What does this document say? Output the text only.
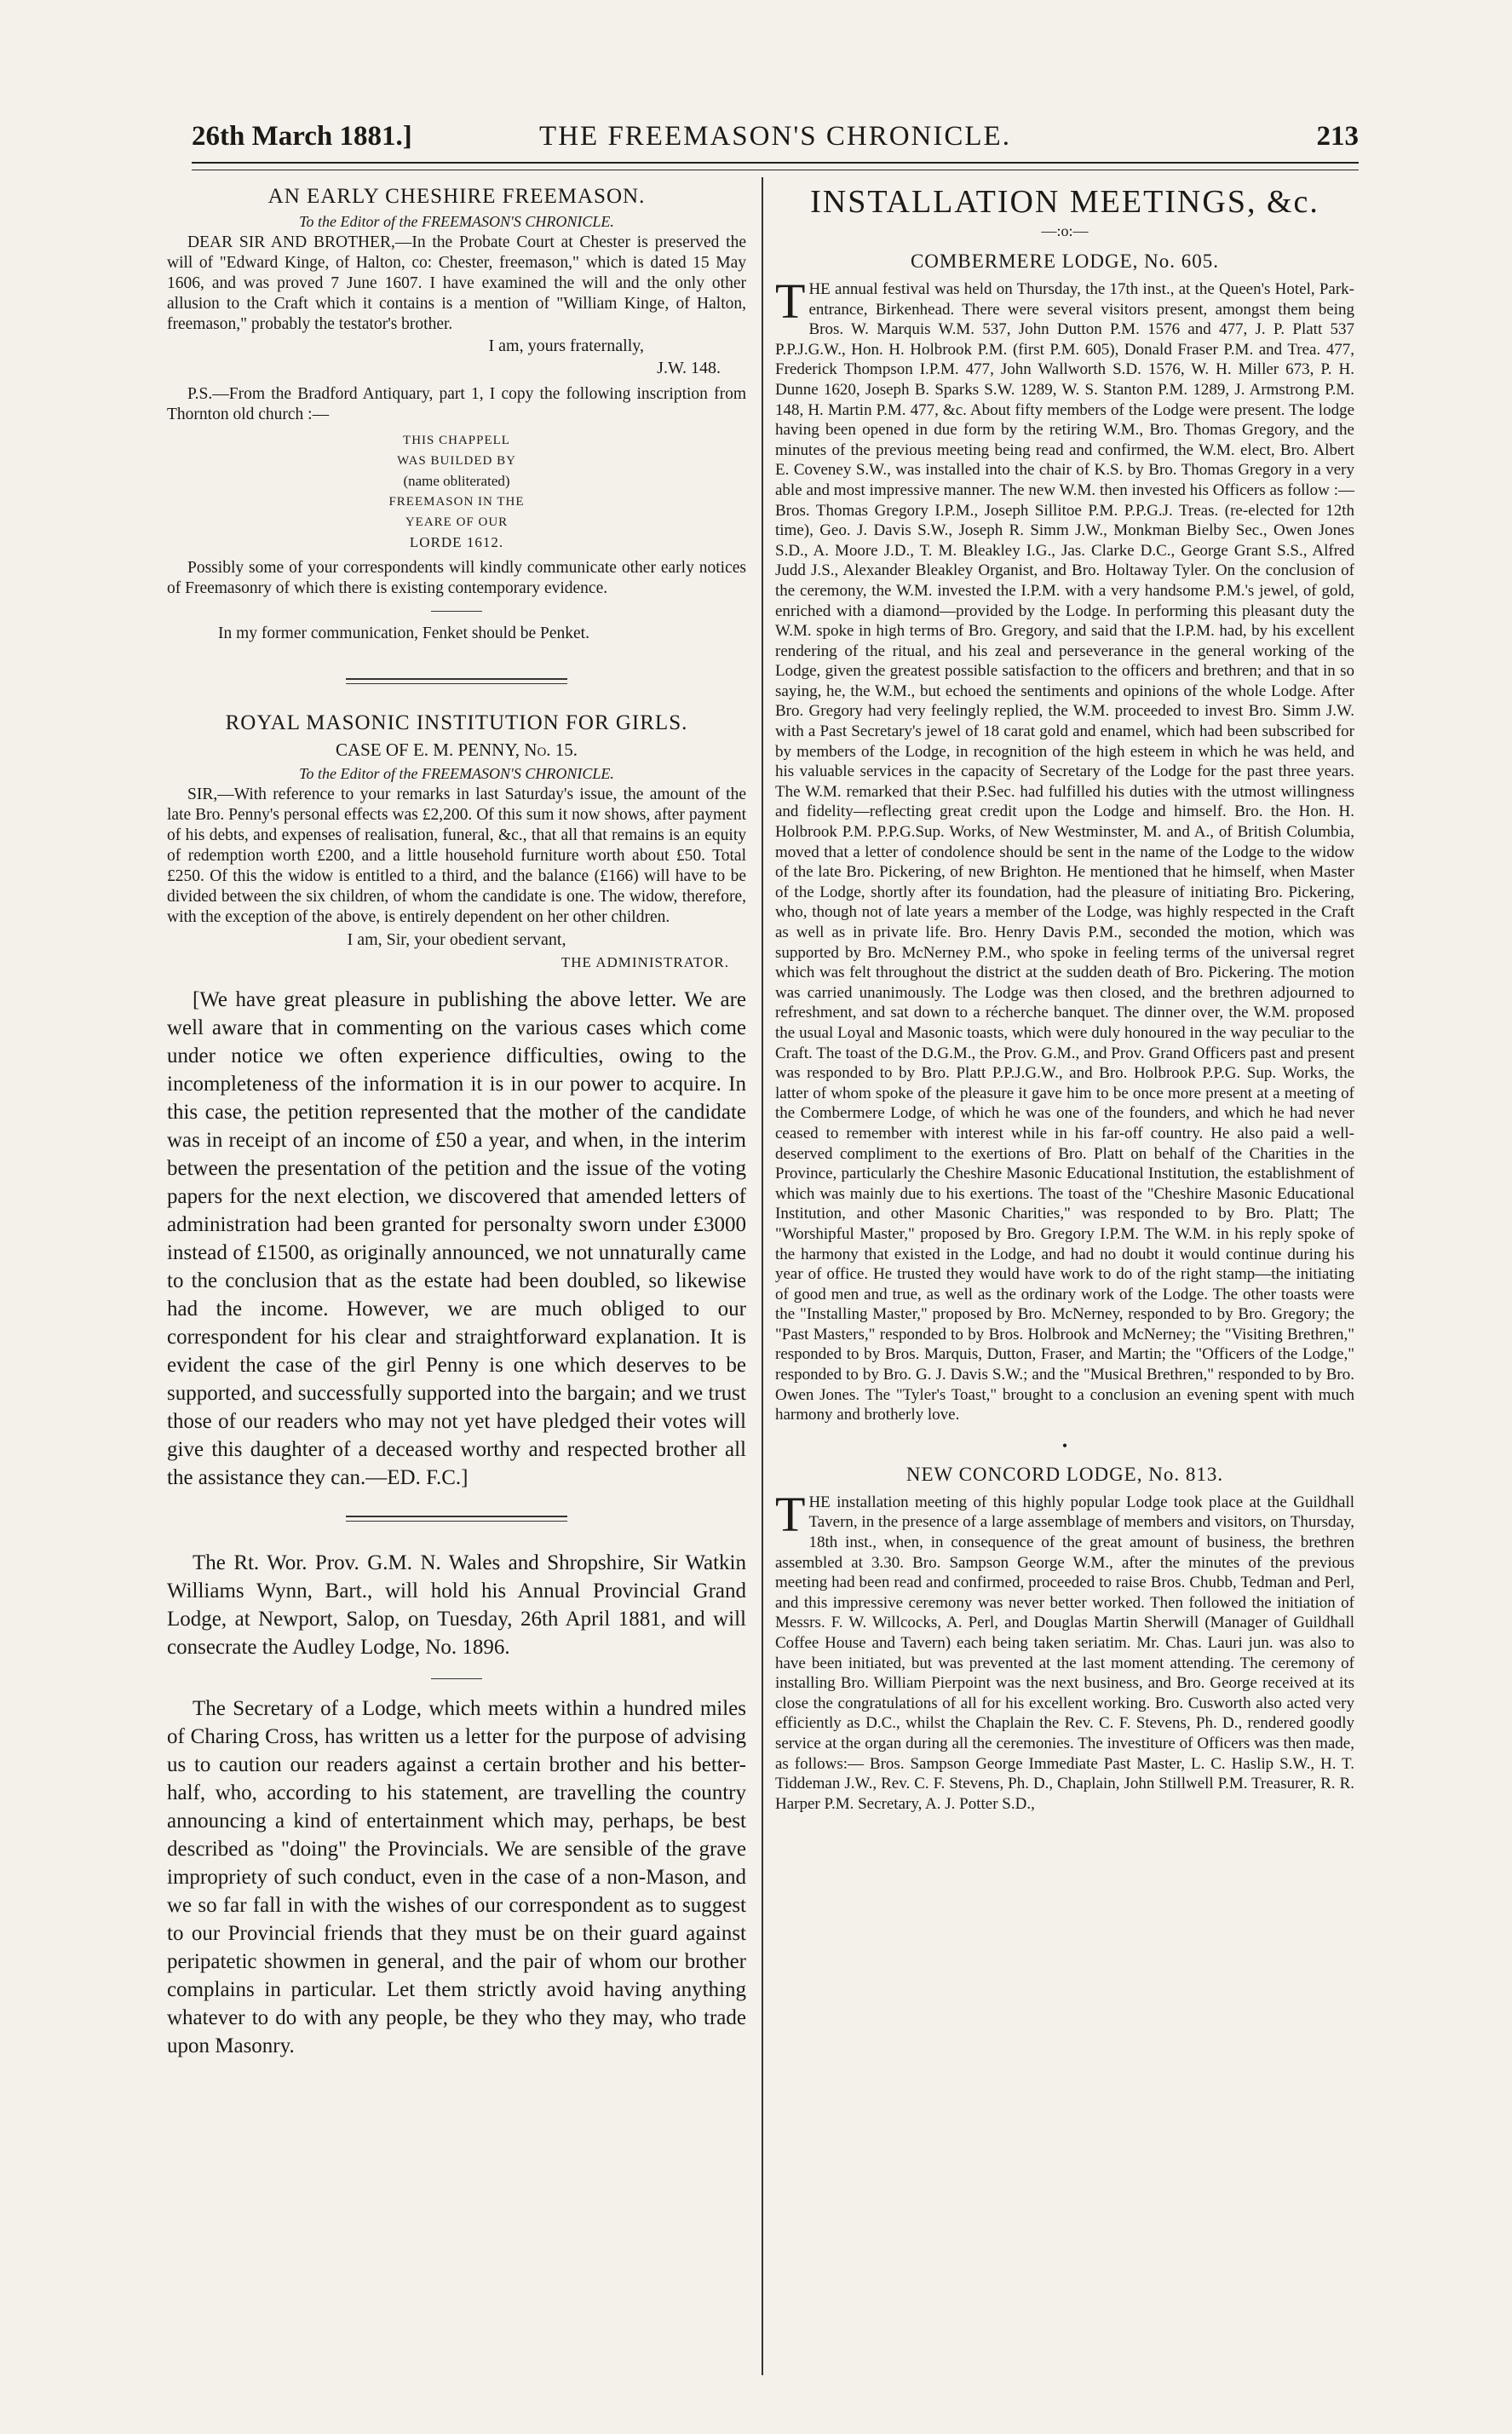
26th March 1881.]	THE FREEMASON'S CHRONICLE.	213
AN EARLY CHESHIRE FREEMASON.
To the Editor of the FREEMASON'S CHRONICLE.

DEAR SIR AND BROTHER,—In the Probate Court at Chester is preserved the will of "Edward Kinge, of Halton, co: Chester, freemason," which is dated 15 May 1606, and was proved 7 June 1607. I have examined the will and the only other allusion to the Craft which it contains is a mention of "William Kinge, of Halton, freemason," probably the testator's brother.

I am, yours fraternally,
J.W. 148.

P.S.—From the Bradford Antiquary, part 1, I copy the following inscription from Thornton old church :—

THIS CHAPPELL
WAS BUILDED BY
(name obliterated)
FREEMASON IN THE
YEARE OF OUR
LORDE 1612.

Possibly some of your correspondents will kindly communicate other early notices of Freemasonry of which there is existing contemporary evidence.

In my former communication, Fenket should be Penket.

ROYAL MASONIC INSTITUTION FOR GIRLS.
CASE OF E. M. PENNY, No. 15.
To the Editor of the FREEMASON'S CHRONICLE.

SIR,—With reference to your remarks in last Saturday's issue, the amount of the late Bro. Penny's personal effects was £2,200. Of this sum it now shows, after payment of his debts, and expenses of realisation, funeral, &c., that all that remains is an equity of redemption worth £200, and a little household furniture worth about £50. Total £250. Of this the widow is entitled to a third, and the balance (£166) will have to be divided between the six children, of whom the candidate is one. The widow, therefore, with the exception of the above, is entirely dependent on her other children.

I am, Sir, your obedient servant,
THE ADMINISTRATOR.

[We have great pleasure in publishing the above letter. We are well aware that in commenting on the various cases which come under notice we often experience difficulties, owing to the incompleteness of the information it is in our power to acquire. In this case, the petition represented that the mother of the candidate was in receipt of an income of £50 a year, and when, in the interim between the presentation of the petition and the issue of the voting papers for the next election, we discovered that amended letters of administration had been granted for personalty sworn under £3000 instead of £1500, as originally announced, we not unnaturally came to the conclusion that as the estate had been doubled, so likewise had the income. However, we are much obliged to our correspondent for his clear and straightforward explanation. It is evident the case of the girl Penny is one which deserves to be supported, and successfully supported into the bargain; and we trust those of our readers who may not yet have pledged their votes will give this daughter of a deceased worthy and respected brother all the assistance they can.—ED. F.C.]

The Rt. Wor. Prov. G.M. N. Wales and Shropshire, Sir Watkin Williams Wynn, Bart., will hold his Annual Provincial Grand Lodge, at Newport, Salop, on Tuesday, 26th April 1881, and will consecrate the Audley Lodge, No. 1896.

The Secretary of a Lodge, which meets within a hundred miles of Charing Cross, has written us a letter for the purpose of advising us to caution our readers against a certain brother and his better-half, who, according to his statement, are travelling the country announcing a kind of entertainment which may, perhaps, be best described as "doing" the Provincials. We are sensible of the grave impropriety of such conduct, even in the case of a non-Mason, and we so far fall in with the wishes of our correspondent as to suggest to our Provincial friends that they must be on their guard against peripatetic showmen in general, and the pair of whom our brother complains in particular. Let them strictly avoid having anything whatever to do with any people, be they who they may, who trade upon Masonry.

INSTALLATION MEETINGS, &c.
—:o:—
COMBERMERE LODGE, No. 605.
T HE annual festival was held on Thursday, the 17th inst., at the Queen's Hotel, Park-entrance, Birkenhead. There were several visitors present, amongst them being Bros. W. Marquis W.M. 537, John Dutton P.M. 1576 and 477, J. P. Platt 537 P.P.J.G.W., Hon. H. Holbrook P.M. (first P.M. 605), Donald Fraser P.M. and Trea. 477, Frederick Thompson I.P.M. 477, John Wallworth S.D. 1576, W. H. Miller 673, P. H. Dunne 1620, Joseph B. Sparks S.W. 1289, W. S. Stanton P.M. 1289, J. Armstrong P.M. 148, H. Martin P.M. 477, &c. About fifty members of the Lodge were present. The lodge having been opened in due form by the retiring W.M., Bro. Thomas Gregory, and the minutes of the previous meeting being read and confirmed, the W.M. elect, Bro. Albert E. Coveney S.W., was installed into the chair of K.S. by Bro. Thomas Gregory in a very able and most impressive manner. The new W.M. then invested his Officers as follow :— Bros. Thomas Gregory I.P.M., Joseph Sillitoe P.M. P.P.G.J. Treas. (re-elected for 12th time), Geo. J. Davis S.W., Joseph R. Simm J.W., Monkman Bielby Sec., Owen Jones S.D., A. Moore J.D., T. M. Bleakley I.G., Jas. Clarke D.C., George Grant S.S., Alfred Judd J.S., Alexander Bleakley Organist, and Bro. Holtaway Tyler. On the conclusion of the ceremony, the W.M. invested the I.P.M. with a very handsome P.M.'s jewel, of gold, enriched with a diamond—provided by the Lodge. In performing this pleasant duty the W.M. spoke in high terms of Bro. Gregory, and said that the I.P.M. had, by his excellent rendering of the ritual, and his zeal and perseverance in the general working of the Lodge, given the greatest possible satisfaction to the officers and brethren; and that in so saying, he, the W.M., but echoed the sentiments and opinions of the whole Lodge. After Bro. Gregory had very feelingly replied, the W.M. proceeded to invest Bro. Simm J.W. with a Past Secretary's jewel of 18 carat gold and enamel, which had been subscribed for by members of the Lodge, in recognition of the high esteem in which he was held, and his valuable services in the capacity of Secretary of the Lodge for the past three years. The W.M. remarked that their P.Sec. had fulfilled his duties with the utmost willingness and fidelity—reflecting great credit upon the Lodge and himself. Bro. the Hon. H. Holbrook P.M. P.P.G.Sup. Works, of New Westminster, M. and A., of British Columbia, moved that a letter of condolence should be sent in the name of the Lodge to the widow of the late Bro. Pickering, of new Brighton. He mentioned that he himself, when Master of the Lodge, shortly after its foundation, had the pleasure of initiating Bro. Pickering, who, though not of late years a member of the Lodge, was highly respected in the Craft as well as in private life. Bro. Henry Davis P.M., seconded the motion, which was supported by Bro. McNerney P.M., who spoke in feeling terms of the universal regret which was felt throughout the district at the sudden death of Bro. Pickering. The motion was carried unanimously. The Lodge was then closed, and the brethren adjourned to refreshment, and sat down to a récherche banquet. The dinner over, the W.M. proposed the usual Loyal and Masonic toasts, which were duly honoured in the way peculiar to the Craft. The toast of the D.G.M., the Prov. G.M., and Prov. Grand Officers past and present was responded to by Bro. Platt P.P.J.G.W., and Bro. Holbrook P.P.G. Sup. Works, the latter of whom spoke of the pleasure it gave him to be once more present at a meeting of the Combermere Lodge, of which he was one of the founders, and which he had never ceased to remember with interest while in his far-off country. He also paid a well-deserved compliment to the exertions of Bro. Platt on behalf of the Charities in the Province, particularly the Cheshire Masonic Educational Institution, the establishment of which was mainly due to his exertions. The toast of the "Cheshire Masonic Educational Institution, and other Masonic Charities," was responded to by Bro. Platt; The "Worshipful Master," proposed by Bro. Gregory I.P.M. The W.M. in his reply spoke of the harmony that existed in the Lodge, and had no doubt it would continue during his year of office. He trusted they would have work to do of the right stamp—the initiating of good men and true, as well as the ordinary work of the Lodge. The other toasts were the "Installing Master," proposed by Bro. McNerney, responded to by Bro. Gregory; the "Past Masters," responded to by Bros. Holbrook and McNerney; the "Visiting Brethren," responded to by Bros. Marquis, Dutton, Fraser, and Martin; the "Officers of the Lodge," responded to by Bro. G. J. Davis S.W.; and the "Musical Brethren," responded to by Bro. Owen Jones. The "Tyler's Toast," brought to a conclusion an evening spent with much harmony and brotherly love.

•
NEW CONCORD LODGE, No. 813.
T HE installation meeting of this highly popular Lodge took place at the Guildhall Tavern, in the presence of a large assemblage of members and visitors, on Thursday, 18th inst., when, in consequence of the great amount of business, the brethren assembled at 3.30. Bro. Sampson George W.M., after the minutes of the previous meeting had been read and confirmed, proceeded to raise Bros. Chubb, Tedman and Perl, and this impressive ceremony was never better worked. Then followed the initiation of Messrs. F. W. Willcocks, A. Perl, and Douglas Martin Sherwill (Manager of Guildhall Coffee House and Tavern) each being taken seriatim. Mr. Chas. Lauri jun. was also to have been initiated, but was prevented at the last moment attending. The ceremony of installing Bro. William Pierpoint was the next business, and Bro. George received at its close the congratulations of all for his excellent working. Bro. Cusworth also acted very efficiently as D.C., whilst the Chaplain the Rev. C. F. Stevens, Ph. D., rendered goodly service at the organ during all the ceremonies. The investiture of Officers was then made, as follows:— Bros. Sampson George Immediate Past Master, L. C. Haslip S.W., H. T. Tiddeman J.W., Rev. C. F. Stevens, Ph. D., Chaplain, John Stillwell P.M. Treasurer, R. R. Harper P.M. Secretary, A. J. Potter S.D.,
